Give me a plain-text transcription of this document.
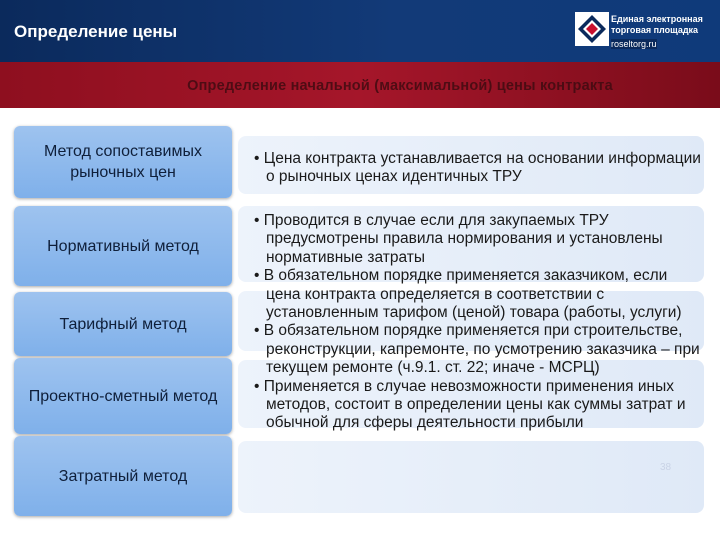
Определение цены
Единая электронная торговая площадка
roseltorg.ru
Определение начальной (максимальной) цены контракта
Метод сопоставимых рыночных цен
Нормативный метод
Тарифный метод
Проектно-сметный метод
Затратный метод

• Цена контракта устанавливается на основании информации о рыночных ценах идентичных ТРУ

• Проводится в случае если для закупаемых ТРУ предусмотрены правила нормирования и установлены нормативные затраты

• В обязательном порядке применяется заказчиком, если цена контракта определяется в соответствии с установленным тарифом (ценой) товара (работы, услуги)

• В обязательном порядке применяется при строительстве, реконструкции, капремонте, по усмотрению заказчика – при текущем ремонте (ч.9.1. ст. 22; иначе - МСРЦ)

• Применяется в случае невозможности применения иных методов, состоит в определении цены как суммы затрат и обычной для сферы деятельности прибыли

38
